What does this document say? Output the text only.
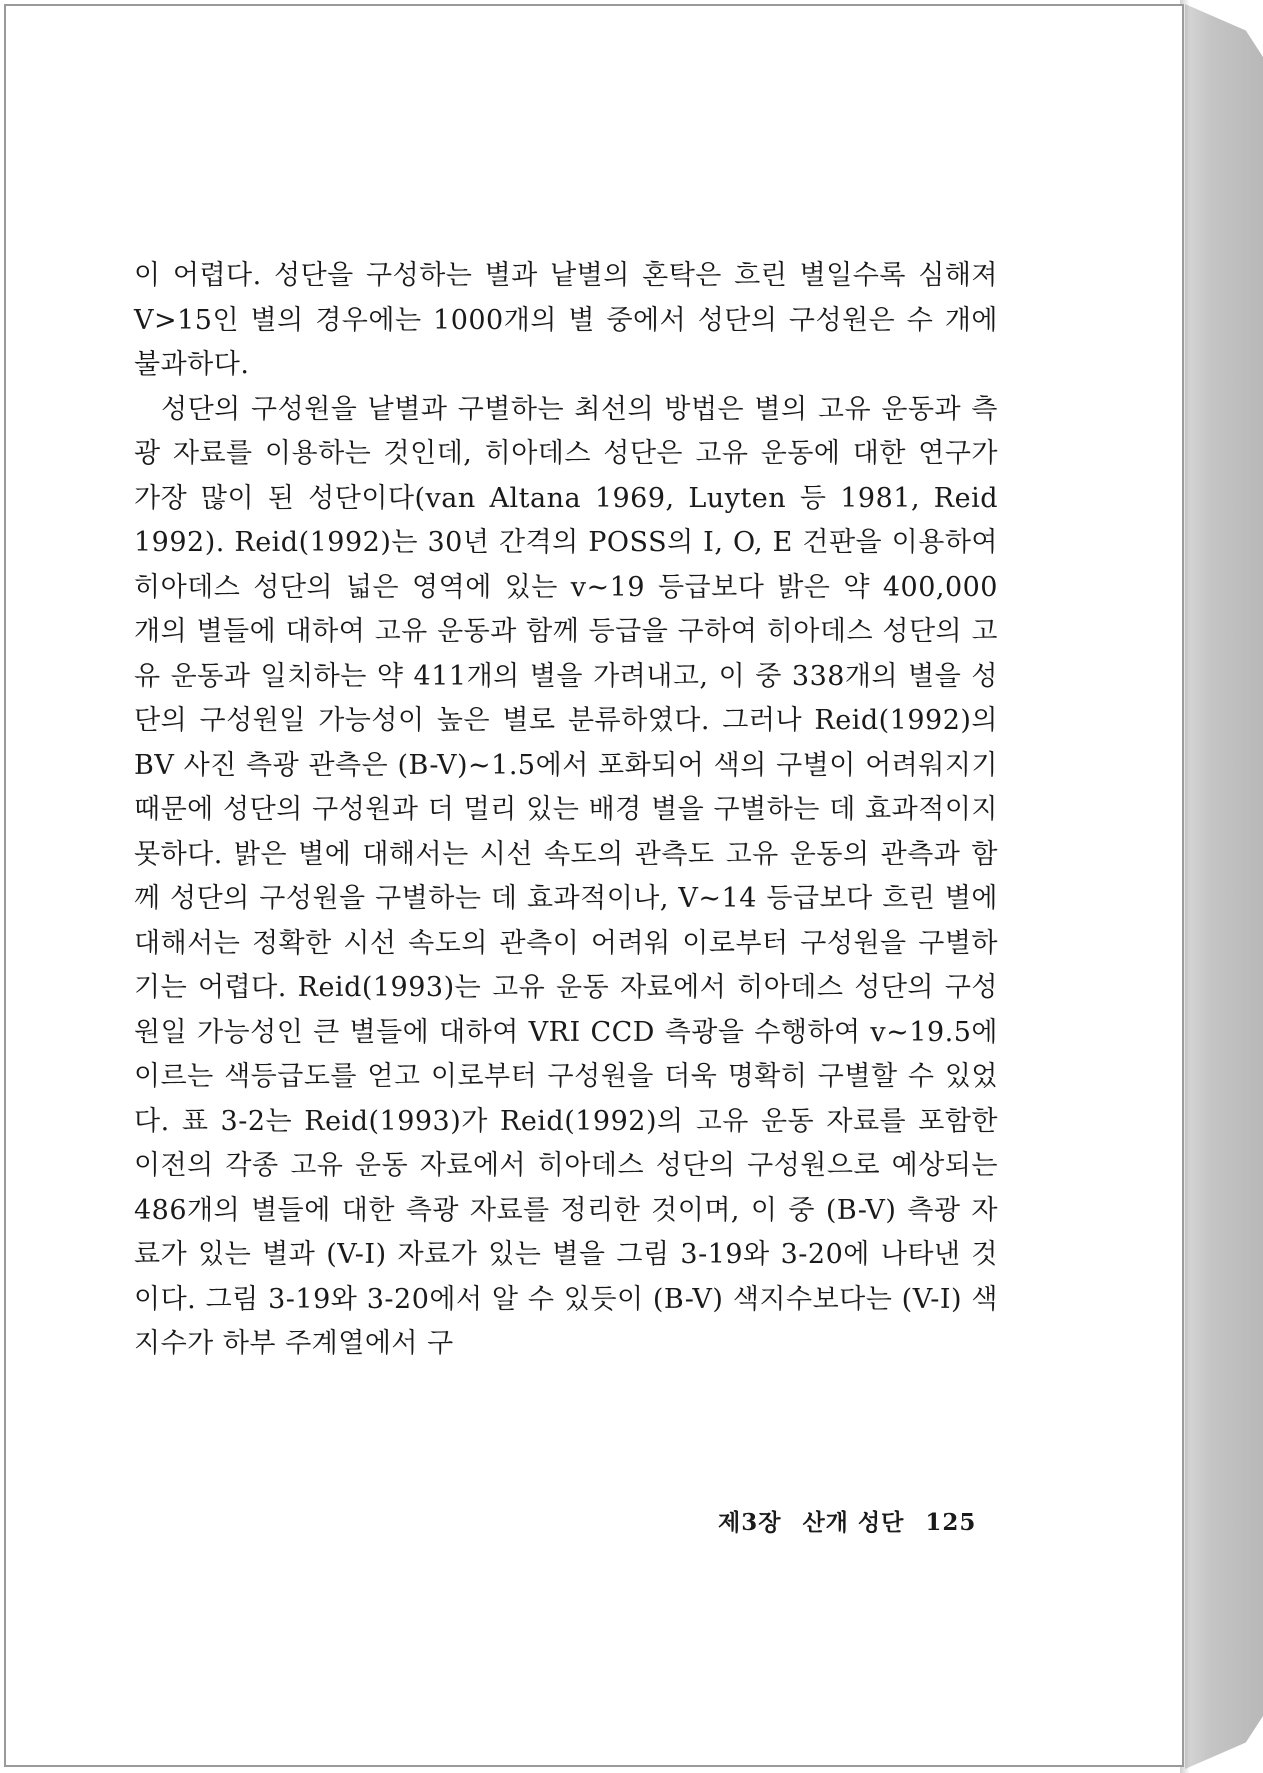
이 어렵다. 성단을 구성하는 별과 낱별의 혼탁은 흐린 별일수록 심해져 V>15인 별의 경우에는 1000개의 별 중에서 성단의 구성원은 수 개에 불과하다.

성단의 구성원을 낱별과 구별하는 최선의 방법은 별의 고유 운동과 측광 자료를 이용하는 것인데, 히아데스 성단은 고유 운동에 대한 연구가 가장 많이 된 성단이다(van Altana 1969, Luyten 등 1981, Reid 1992). Reid(1992)는 30년 간격의 POSS의 I, O, E 건판을 이용하여 히아데스 성단의 넓은 영역에 있는 v~19 등급보다 밝은 약 400,000 개의 별들에 대하여 고유 운동과 함께 등급을 구하여 히아데스 성단의 고유 운동과 일치하는 약 411개의 별을 가려내고, 이 중 338개의 별을 성단의 구성원일 가능성이 높은 별로 분류하였다. 그러나 Reid(1992)의 BV 사진 측광 관측은 (B-V)~1.5에서 포화되어 색의 구별이 어려워지기 때문에 성단의 구성원과 더 멀리 있는 배경 별을 구별하는 데 효과적이지 못하다. 밝은 별에 대해서는 시선 속도의 관측도 고유 운동의 관측과 함께 성단의 구성원을 구별하는 데 효과적이나, V~14 등급보다 흐린 별에 대해서는 정확한 시선 속도의 관측이 어려워 이로부터 구성원을 구별하기는 어렵다. Reid(1993)는 고유 운동 자료에서 히아데스 성단의 구성원일 가능성인 큰 별들에 대하여 VRI CCD 측광을 수행하여 v~19.5에 이르는 색등급도를 얻고 이로부터 구성원을 더욱 명확히 구별할 수 있었다. 표 3-2는 Reid(1993)가 Reid(1992)의 고유 운동 자료를 포함한 이전의 각종 고유 운동 자료에서 히아데스 성단의 구성원으로 예상되는 486개의 별들에 대한 측광 자료를 정리한 것이며, 이 중 (B-V) 측광 자료가 있는 별과 (V-I) 자료가 있는 별을 그림 3-19와 3-20에 나타낸 것이다. 그림 3-19와 3-20에서 알 수 있듯이 (B-V) 색지수보다는 (V-I) 색지수가 하부 주계열에서 구

제3장 산개 성단 125
